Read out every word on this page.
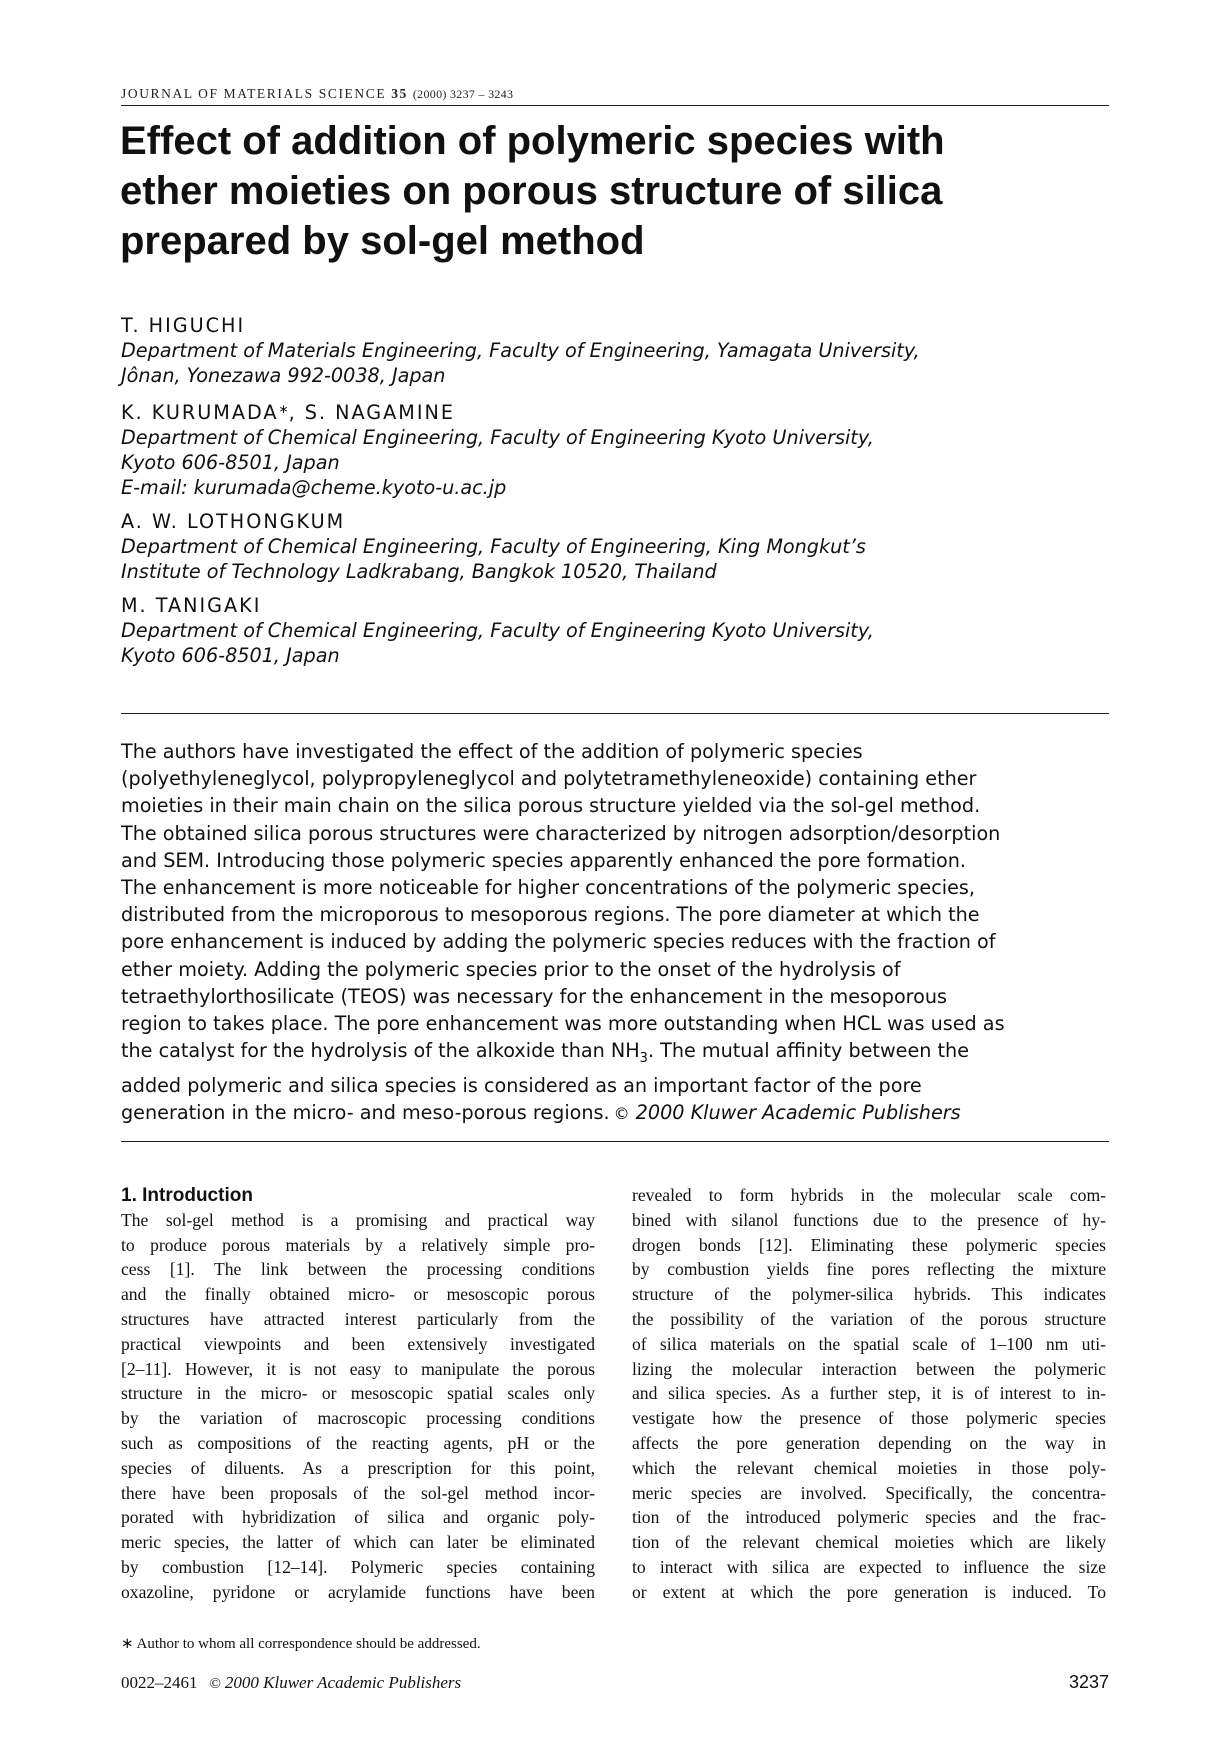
JOURNAL OF MATERIALS SCIENCE 35 (2000) 3237 – 3243
Effect of addition of polymeric species with
ether moieties on porous structure of silica
prepared by sol-gel method
T. HIGUCHI
Department of Materials Engineering, Faculty of Engineering, Yamagata University,
Jônan, Yonezawa 992-0038, Japan
K. KURUMADA∗, S. NAGAMINE
Department of Chemical Engineering, Faculty of Engineering Kyoto University,
Kyoto 606-8501, Japan
E-mail: kurumada@cheme.kyoto-u.ac.jp
A. W. LOTHONGKUM
Department of Chemical Engineering, Faculty of Engineering, King Mongkut’s
Institute of Technology Ladkrabang, Bangkok 10520, Thailand
M. TANIGAKI
Department of Chemical Engineering, Faculty of Engineering Kyoto University,
Kyoto 606-8501, Japan
The authors have investigated the effect of the addition of polymeric species
(polyethyleneglycol, polypropyleneglycol and polytetramethyleneoxide) containing ether
moieties in their main chain on the silica porous structure yielded via the sol-gel method.
The obtained silica porous structures were characterized by nitrogen adsorption/desorption
and SEM. Introducing those polymeric species apparently enhanced the pore formation.
The enhancement is more noticeable for higher concentrations of the polymeric species,
distributed from the microporous to mesoporous regions. The pore diameter at which the
pore enhancement is induced by adding the polymeric species reduces with the fraction of
ether moiety. Adding the polymeric species prior to the onset of the hydrolysis of
tetraethylorthosilicate (TEOS) was necessary for the enhancement in the mesoporous
region to takes place. The pore enhancement was more outstanding when HCL was used as
the catalyst for the hydrolysis of the alkoxide than $NH_3$. The mutual affinity between the
added polymeric and silica species is considered as an important factor of the pore
generation in the micro- and meso-porous regions. © 2000 Kluwer Academic Publishers
1. Introduction
The sol-gel method is a promising and practical way
to produce porous materials by a relatively simple pro-
cess [1]. The link between the processing conditions
and the finally obtained micro- or mesoscopic porous
structures have attracted interest particularly from the
practical viewpoints and been extensively investigated
[2–11]. However, it is not easy to manipulate the porous
structure in the micro- or mesoscopic spatial scales only
by the variation of macroscopic processing conditions
such as compositions of the reacting agents, pH or the
species of diluents. As a prescription for this point,
there have been proposals of the sol-gel method incor-
porated with hybridization of silica and organic poly-
meric species, the latter of which can later be eliminated
by combustion [12–14]. Polymeric species containing
oxazoline, pyridone or acrylamide functions have been
revealed to form hybrids in the molecular scale com-
bined with silanol functions due to the presence of hy-
drogen bonds [12]. Eliminating these polymeric species
by combustion yields fine pores reflecting the mixture
structure of the polymer-silica hybrids. This indicates
the possibility of the variation of the porous structure
of silica materials on the spatial scale of 1–100 nm uti-
lizing the molecular interaction between the polymeric
and silica species. As a further step, it is of interest to in-
vestigate how the presence of those polymeric species
affects the pore generation depending on the way in
which the relevant chemical moieties in those poly-
meric species are involved. Specifically, the concentra-
tion of the introduced polymeric species and the frac-
tion of the relevant chemical moieties which are likely
to interact with silica are expected to influence the size
or extent at which the pore generation is induced. To
∗ Author to whom all correspondence should be addressed.
0022–2461 © 2000 Kluwer Academic Publishers	3237
